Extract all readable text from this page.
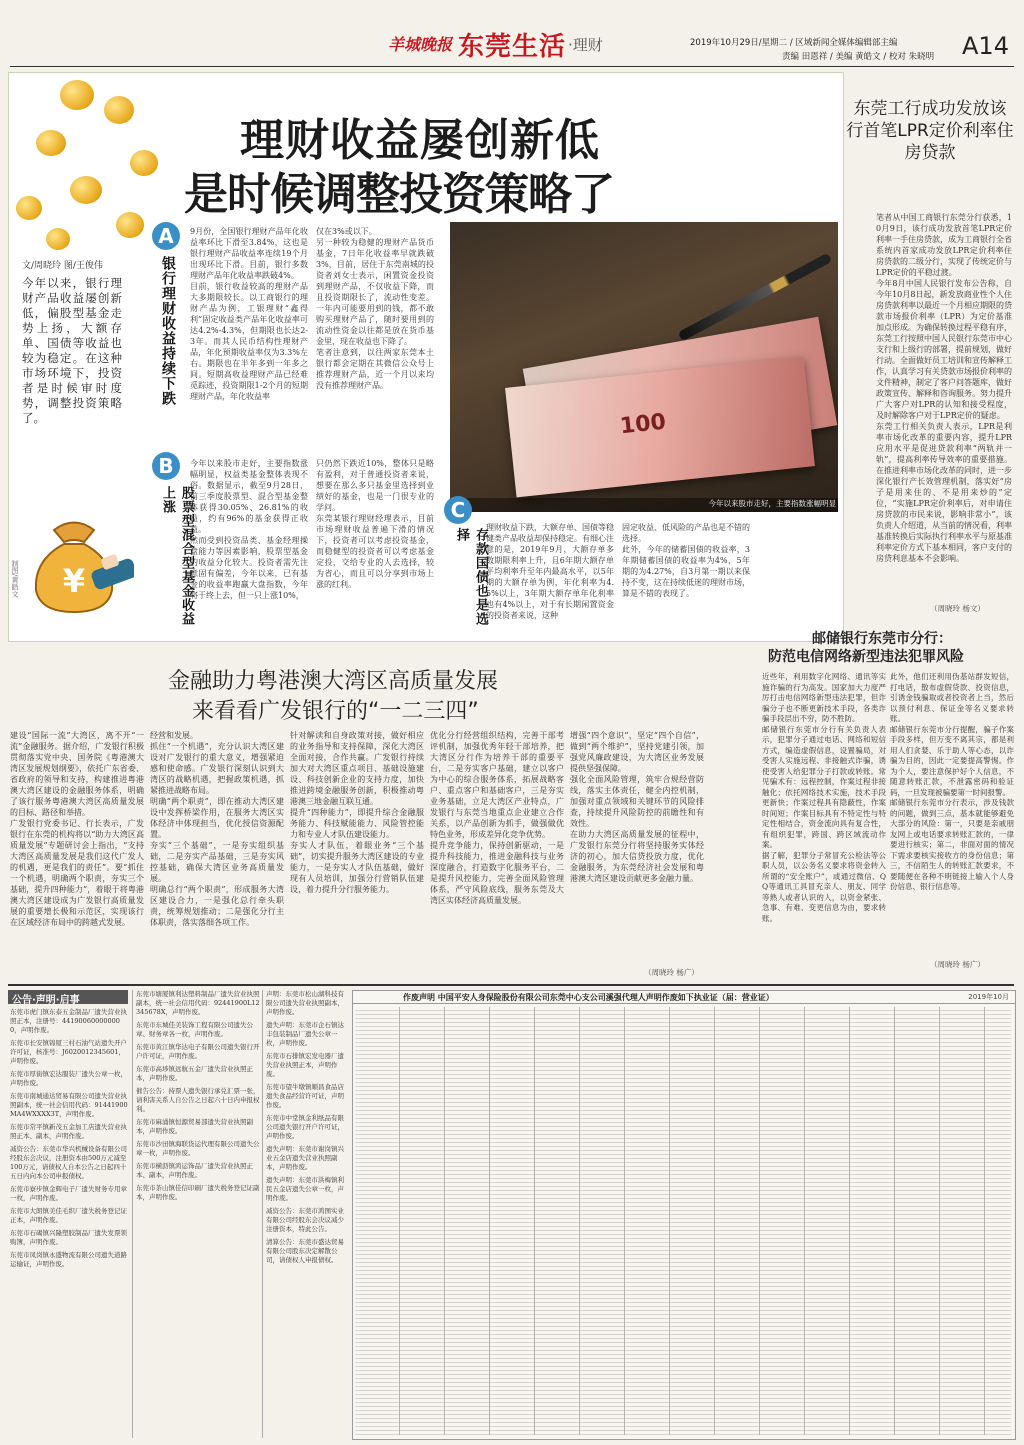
羊城晚报 东莞生活 ·理财	2019年10月29日/星期二 / 区域新闻全媒体编辑部主编
责编 田恩祥 / 美编 黄皓文 / 校对 朱晓明	A14
文/周晓玲 图/王俊伟
今年以来，银行理财产品收益屡创新低，偏股型基金走势上扬，大额存单、国债等收益也较为稳定。在这种市场环境下，投资者是时候审时度势，调整投资策略了。
¥
制图/黄皓文
理财收益屡创新低
是时候调整投资策略了
A
银行理财收益持续下跌
9月份，全国银行理财产品年化收益率环比下滑至3.84%，这也是银行理财产品收益率连续19个月出现环比下滑。目前，银行多数理财产品年化收益率跌破4%。
目前，银行收益较高的理财产品大多期限较长。以工商银行的理财产品为例，工银理财“鑫得利”固定收益类产品年化收益率可达4.2%-4.3%，但期限也长达2-3年。而其人民币结构性理财产品，年化预期收益率仅为3.3%左右。期限也在半年多到一年多之间。短期高收益理财产品已经难觅踪迹，投资期限1-2个月的短期理财产品，年化收益率
仅在3%或以下。
另一种较为稳健的理财产品货币基金，7日年化收益率早就跌破3%，目前，居住于东莞南城的投资者刘女士表示，闲置资金投资到理财产品，不仅收益下降，而且投资期限长了，流动性变差。一年内可能要用到的钱，都不敢购买理财产品了，随时要用到的流动性资金以往都是放在货币基金里，现在收益也下降了。
笔者注意到，以往两家东莞本土银行都会定期在其微信公众号上推荐理财产品，近一个月以来均没有推荐理财产品。
100
今年以来股市走好，主要指数涨幅明显
B
股票型混合型基金收益上涨
今年以来股市走好，主要指数涨幅明显，权益类基金整体表现不俗。数据显示，截至9月28日，前三季度股票型、混合型基金整体获得30.05%、26.81%的收益，约有96%的基金获得正收益。
然而受到投资品类、基金经理操盘能力等因素影响，股票型基金的收益分化较大。投资者需先注意固有偏差，今年以来，已有基金的收益率跑赢大盘指数，今年将于终上去，但一只上涨10%，
只仍然下跌近10%，整体只是略有盈利，对于普通投资者来说，想要在那么多只基金里选择到业绩好的基金，也是一门很专业的学问。
东莞某银行理财经理表示，目前市场理财收益普遍下滑的情况下，投资者可以考虑投资基金，而稳健型的投资者可以考虑基金定投，交给专业的人去选择，较为省心，而且可以分享到市场上涨的红利。
C
存款国债也是选择
理财收益下跌，大额存单、国债等稳健类产品收益却保持稳定。有细心注意的是，2019年9月，大额存单多数期限利率上升，且6年期大额存单平均利率升至年内最高水平，以5年期的大额存单为例，年化利率为4.5%以上，3年期大额存单年化利率也有4%以上，对于有长期闲置资金的投资者来说，这种
固定收益、低风险的产品也是不错的选择。
此外，今年的储蓄国债的收益率，3年期储蓄国债的收益率为4%，5年期的为4.27%，自3月第一期以来保持不变，这在持续低迷的理财市场，算是不错的表现了。
东莞工行成功发放该行首笔LPR定价利率住房贷款
笔者从中国工商银行东莞分行获悉，10月9日，该行成功发放首笔LPR定价利率一手住房贷款，成为工商银行全省系统内首家成功发放LPR定价利率住房贷款的二级分行，实现了传统定价与LPR定价的平稳过渡。
今年8月中国人民银行发布公告称，自今年10月8日起，新发放商业性个人住房贷款利率以最近一个月相应期限的贷款市场报价利率（LPR）为定价基准加点形成。为确保转换过程平稳有序，东莞工行按照中国人民银行东莞市中心支行和上级行的部署，提前规划，做好行动。全面做好员工培训和宣传解释工作，认真学习有关贷款市场报价利率的文件精神，制定了客户问答题库，做好政策宣传、解释和咨询服务。努力提升广大客户对LPR的认知和接受程度，及时解除客户对于LPR定价的疑虑。
东莞工行相关负责人表示，LPR是利率市场化改革的重要内容，提升LPR应用水平是促进贷款利率“两轨并一轨”，提高利率传导效率的重要措施。在推进利率市场化改革的同时，进一步深化银行产长效管理机制，落实好“房子是用来住的、不是用来炒的”定位，“实施LPR定价利率后，对申请住房贷款的市民来说，影响非常小”，该负责人介绍道，从当前的情况看，利率基准转换后实际执行利率水平与原基准利率定价方式下基本相同，客户支付的房贷利息基本不会影响。
（周晓玲 杨文）
邮储银行东莞市分行：
防范电信网络新型违法犯罪风险
近些年，利用数字化网络、通讯等实施诈骗的行为高发。国家加大力度严厉打击电信网络新型违法犯罪，但诈骗分子也不断更新技术手段，各类诈骗手段层出不穷，防不胜防。
邮储银行东莞市分行有关负责人表示，犯罪分子通过电话、网络和短信方式，编造虚假信息，设置骗局，对受害人实施远程、非接触式诈骗，诱使受害人给犯罪分子打款或转账。常见骗术有：远程控制，作案过程非接触化；依托网络技术实施，技术手段更新快；作案过程具有隐蔽性，作案时间短；作案目标具有不特定性与特定性相结合，资金流向具有复合性，有组织犯罪，跨国、跨区域流动作案。
据了解，犯罪分子常冒充公检法等公职人员，以公务名义要求将资金转入所谓的“安全账户”，或通过微信、QQ等通讯工具冒充亲人、朋友、同学等熟人或者认识的人，以资金紧张、急事、有难、变更信息为由，要求转账。
此外，他们还利用伪基站群发短信，打电话，散布虚假贷款、投资信息，引诱金钱骗取或者投资者上当，然后以预付利息、保证金等名义要求转账。
邮储银行东莞市分行提醒，骗子作案手段多样，但万变不离其宗，都是利用人们贪婪、乐于助人等心态，以诈骗为目的，因此一定要提高警惕。作为个人，要注意保护好个人信息，不随意转账汇款，不泄露密码和验证码，一旦发现被骗要第一时间报警。
邮储银行东莞市分行表示，涉及钱款的问题，做到三点，基本就能够避免大部分的风险：第一，只要是亲戚朋友网上或电话要求转账汇款的，一律要进行核实；第二，非面对面的情况下需求要核实接收方的身份信息；第三，不信陌生人的转账汇款要求，不要随便在各种不明链接上输入个人身份信息、银行信息等。
（周晓玲 杨广）
金融助力粤港澳大湾区高质量发展
来看看广发银行的“一二三四”
建设“国际一流”大湾区，离不开“一流”金融服务。据介绍，广发银行积极贯彻落实党中央、国务院《粤港澳大湾区发展规划纲要》，依托广东省委、省政府的领导和支持，构建推进粤港澳大湾区建设的金融服务体系，明确了该行服务粤港澳大湾区高质量发展的目标、路径和举措。
广发银行党委书记、行长表示，广发银行在东莞的机构将以“助力大湾区高质量发展”专题研讨会上指出，“支持大湾区高质量发展是我们这代广发人的机遇，更是我们的责任”。要“抓住一个机遇，明确两个职责，夯实三个基础，提升四种能力”，着眼于将粤港澳大湾区建设成为广发银行高质量发展的重要增长极和示范区，实现该行在区域经济布局中的跨越式发展。
经营和发展。
抓住“一个机遇”，充分认识大湾区建设对广发银行的重大意义，增强紧迫感和使命感。广发银行深刻认识到大湾区的战略机遇，把握政策机遇，抓紧推进战略布局。
明确“两个职责”，即在推动大湾区建设中发挥桥梁作用，在服务大湾区实体经济中体现担当，优化授信资源配置。
夯实“三个基础”，一是夯实组织基础，二是夯实产品基础，三是夯实风控基础，确保大湾区业务高质量发展。
明确总行“两个职责”，形成服务大湾区建设合力，一是强化总行牵头职责，统筹规划推动；二是强化分行主体职责，落实落细各项工作。
针对解读和自身政策对接，做好相应的业务指导和支持保障，深化大湾区全面对接，合作共赢。广发银行持续加大对大湾区重点项目、基础设施建设、科技创新企业的支持力度，加快推进跨境金融服务创新，积极推动粤港澳三地金融互联互通。
提升“四种能力”，即提升综合金融服务能力、科技赋能能力、风险管控能力和专业人才队伍建设能力。
夯实人才队伍，着眼业务“三个基础”，切实提升服务大湾区建设的专业能力，一是夯实人才队伍基础，做好现有人员培训，加强分行营销队伍建设，着力提升分行服务能力。
优化分行经营组织结构，完善干部考评机制，加强优秀年轻干部培养，把大湾区分行作为培养干部的重要平台，二是夯实客户基础，建立以客户为中心的综合服务体系，拓展战略客户、重点客户和基础客户，三是夯实业务基础，立足大湾区产业特点，广发银行与东莞当地重点企业建立合作关系，以产品创新为抓手，做强做优特色业务，形成差异化竞争优势。
提升竞争能力，保持创新驱动，一是提升科技能力，推进金融科技与业务深度融合，打造数字化服务平台，二是提升风控能力，完善全面风险管理体系，严守风险底线，服务东莞及大湾区实体经济高质量发展。
增强“四个意识”，坚定“四个自信”，做到“两个维护”，坚持党建引领，加强党风廉政建设，为大湾区业务发展提供坚强保障。
强化全面风险管理，筑牢合规经营防线，落实主体责任，健全内控机制，加强对重点领域和关键环节的风险排查，持续提升风险防控的前瞻性和有效性。
在助力大湾区高质量发展的征程中，广发银行东莞分行将坚持服务实体经济的初心，加大信贷投放力度，优化金融服务，为东莞经济社会发展和粤港澳大湾区建设贡献更多金融力量。
（周晓玲 杨广）
公告·声明·启事
东莞市虎门镇东泰五金制品厂遗失营业执照正本，注册号：441900600000000，声明作废。
东莞市长安镇锦厦三村石油气站遗失开户许可证，核准号：J6020012345601，声明作废。
东莞市厚街镇宏达服装厂遗失公章一枚，声明作废。
东莞市南城通达贸易有限公司遗失营业执照副本，统一社会信用代码：91441900MA4WXXXX3T，声明作废。
东莞市常平镇新茂五金加工店遗失营业执照正本、副本，声明作废。
减资公告：东莞市华兴机械设备有限公司经股东会决议，注册资本由500万元减至100万元，请债权人自本公告之日起四十五日内向本公司申报债权。
东莞市寮步镇金辉电子厂遗失财务专用章一枚，声明作废。
东莞市大朗镇美佳毛织厂遗失税务登记证正本，声明作废。
东莞市石碣镇兴隆塑胶制品厂遗失发票领购簿，声明作废。
东莞市凤岗镇永盛物流有限公司遗失道路运输证，声明作废。
东莞市塘厦镇利达塑料制品厂遗失营业执照副本，统一社会信用代码：92441900L12345678X，声明作废。
东莞市东城佳美装饰工程有限公司遗失公章、财务章各一枚，声明作废。
东莞市黄江镇华达电子有限公司遗失银行开户许可证，声明作废。
东莞市高埗镇远航五金厂遗失营业执照正本，声明作废。
催告公告：持票人遗失银行承兑汇票一张，请利害关系人自公告之日起六十日内申报权利。
东莞市麻涌镇恒源贸易部遗失营业执照副本，声明作废。
东莞市沙田镇海联货运代理有限公司遗失公章一枚，声明作废。
东莞市横沥镇鸿运饰品厂遗失营业执照正本、副本，声明作废。
东莞市茶山镇佳信印刷厂遗失税务登记证副本，声明作废。
声明：东莞市松山湖科技有限公司遗失营业执照副本，声明作废。
遗失声明：东莞市企石镇达丰包装制品厂遗失公章一枚，声明作废。
东莞市石排镇宏发电器厂遗失营业执照正本，声明作废。
东莞市望牛墩镇顺昌食品店遗失食品经营许可证，声明作废。
东莞市中堂镇金利纸品有限公司遗失银行开户许可证，声明作废。
遗失声明：东莞市谢岗镇兴业五金店遗失营业执照副本，声明作废。
遗失声明：东莞市洪梅镇利民五金店遗失公章一枚，声明作废。
减资公告：东莞市鸿图实业有限公司经股东会决议减少注册资本，特此公告。
清算公告：东莞市盛达贸易有限公司股东决定解散公司，请债权人申报债权。
作废声明 中国平安人身保险股份有限公司东莞中心支公司溪强代理人声明作废如下执业证（届：营业证）	2019年10月
